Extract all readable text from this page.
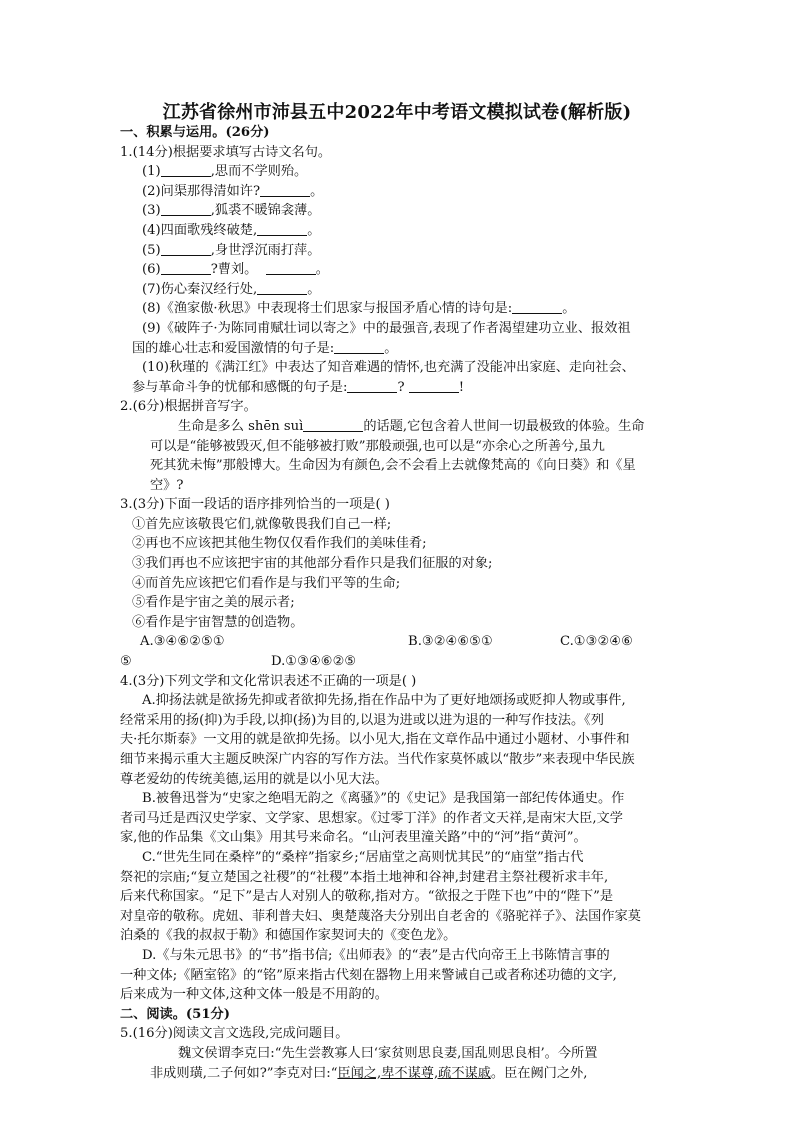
江苏省徐州市沛县五中2022年中考语文模拟试卷(解析版)
一、积累与运用。(26分)
1.(14分)根据要求填写古诗文名句。
(1)	,思而不学则殆。
(2)问渠那得清如许?	。
(3)	,狐裘不暖锦衾薄。
(4)四面歌残终破楚,	。
(5)	,身世浮沉雨打萍。
(6)	?曹刘。	。
(7)伤心秦汉经行处,	。
(8)《渔家傲·秋思》中表现将士们思家与报国矛盾心情的诗句是:	。
(9)《破阵子·为陈同甫赋壮词以寄之》中的最强音,表现了作者渴望建功立业、报效祖
国的雄心壮志和爱国激情的句子是:	。
(10)秋瑾的《满江红》中表达了知音难遇的情怀,也充满了没能冲出家庭、走向社会、
参与革命斗争的忧郁和感慨的句子是:	?	!
2.(6分)根据拼音写字。
生命是多么 shēn suì	的话题,它包含着人世间一切最极致的体验。生命
可以是“能够被毁灭,但不能够被打败”那般顽强,也可以是“亦余心之所善兮,虽九
死其犹未悔”那般博大。生命因为有颜色,会不会看上去就像梵高的《向日葵》和《星
空》?
3.(3分)下面一段话的语序排列恰当的一项是( )
①首先应该敬畏它们,就像敬畏我们自己一样;
②再也不应该把其他生物仅仅看作我们的美味佳肴;
③我们再也不应该把宇宙的其他部分看作只是我们征服的对象;
④而首先应该把它们看作是与我们平等的生命;
⑤看作是宇宙之美的展示者;
⑥看作是宇宙智慧的创造物。
A.③④⑥②⑤①	B.③②④⑥⑤①	C.①③②④⑥
⑤	D.①③④⑥②⑤
4.(3分)下列文学和文化常识表述不正确的一项是( )
A.抑扬法就是欲扬先抑或者欲抑先扬,指在作品中为了更好地颂扬或贬抑人物或事件,
经常采用的扬(抑)为手段,以抑(扬)为目的,以退为进或以进为退的一种写作技法。《列
夫·托尔斯泰》一文用的就是欲抑先扬。以小见大,指在文章作品中通过小题材、小事件和
细节来揭示重大主题反映深广内容的写作方法。当代作家莫怀戚以“散步”来表现中华民族
尊老爱幼的传统美德,运用的就是以小见大法。
B.被鲁迅誉为“史家之绝唱无韵之《离骚》”的《史记》是我国第一部纪传体通史。作
者司马迁是西汉史学家、文学家、思想家。《过零丁洋》的作者文天祥,是南宋大臣,文学
家,他的作品集《文山集》用其号来命名。“山河表里潼关路”中的“河”指“黄河”。
C.“世先生同在桑梓”的“桑梓”指家乡;“居庙堂之高则忧其民”的“庙堂”指古代
祭祀的宗庙;“复立楚国之社稷”的“社稷”本指土地神和谷神,封建君主祭社稷祈求丰年,
后来代称国家。“足下”是古人对别人的敬称,指对方。“欲报之于陛下也”中的“陛下”是
对皇帝的敬称。虎妞、菲利普夫妇、奥楚蔑洛夫分别出自老舍的《骆驼祥子》、法国作家莫
泊桑的《我的叔叔于勒》和德国作家契诃夫的《变色龙》。
D.《与朱元思书》的“书”指书信;《出师表》的“表”是古代向帝王上书陈情言事的
一种文体;《陋室铭》的“铭”原来指古代刻在器物上用来警诫自己或者称述功德的文字,
后来成为一种文体,这种文体一般是不用韵的。
二、阅读。(51分)
5.(16分)阅读文言文选段,完成问题目。
魏文侯谓李克曰:“先生尝教寡人曰‘家贫则思良妻,国乱则思良相’。今所置
非成则璜,二子何如?”李克对曰:“臣闻之,卑不谋尊,疏不谋戚。臣在阙门之外,
